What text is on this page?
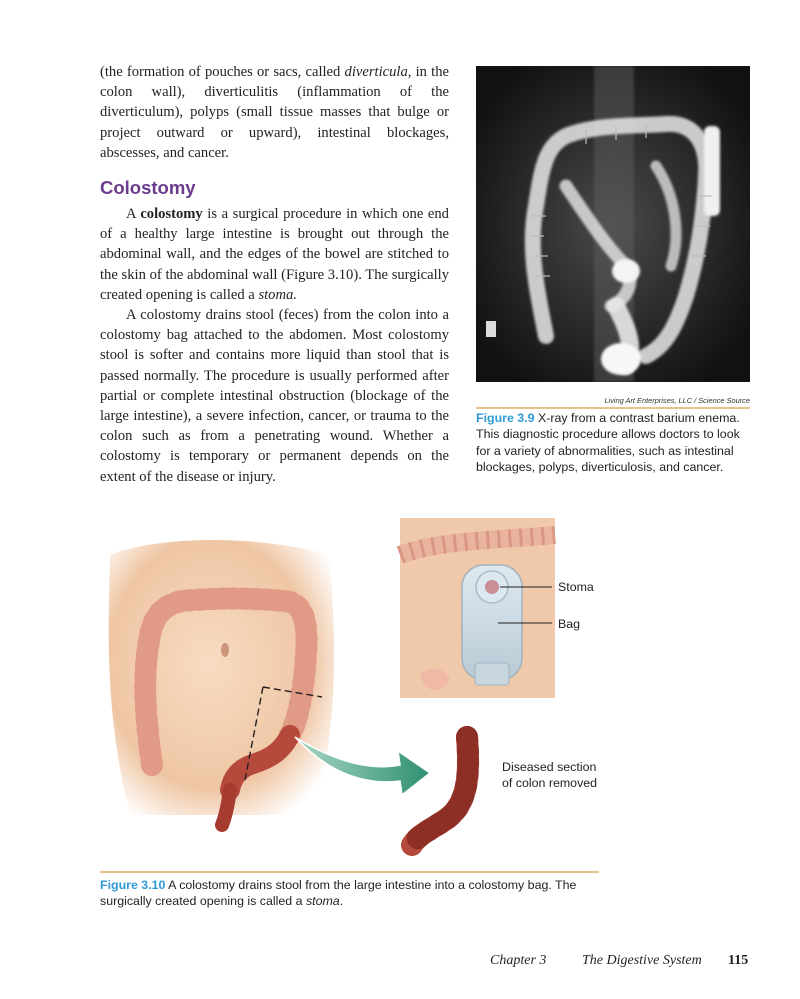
(the formation of pouches or sacs, called diverticula, in the colon wall), diverticulitis (inflammation of the diverticulum), polyps (small tissue masses that bulge or project outward or upward), intestinal blockages, abscesses, and cancer.

Colostomy

A colostomy is a surgical procedure in which one end of a healthy large intestine is brought out through the abdominal wall, and the edges of the bowel are stitched to the skin of the abdominal wall (Figure 3.10). The surgically created opening is called a stoma.

A colostomy drains stool (feces) from the colon into a colostomy bag attached to the abdomen. Most colostomy stool is softer and contains more liquid than stool that is passed normally. The procedure is usually performed after partial or complete intestinal obstruction (blockage of the large intestine), a severe infection, cancer, or trauma to the colon such as from a penetrating wound. Whether a colostomy is temporary or permanent depends on the extent of the disease or injury.

Living Art Enterprises, LLC / Science Source
Figure 3.9 X-ray from a contrast barium enema. This diagnostic procedure allows doctors to look for a variety of abnormalities, such as intestinal blockages, polyps, diverticulosis, and cancer.
Stoma
Bag
Diseased section
of colon removed
Figure 3.10 A colostomy drains stool from the large intestine into a colostomy bag. The surgically created opening is called a stoma.
Chapter 3	The Digestive System 115
